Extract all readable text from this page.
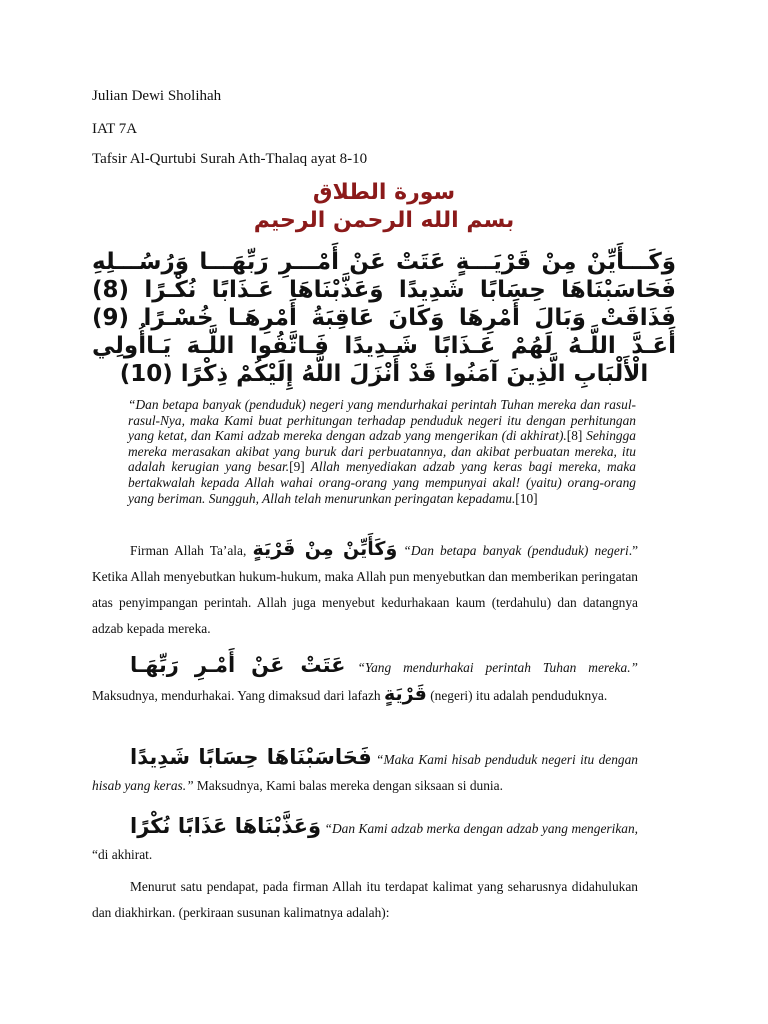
Julian Dewi Sholihah
IAT 7A
Tafsir Al-Qurtubi Surah Ath-Thalaq ayat 8-10
سورة الطلاق
بسم الله الرحمن الرحيم
وَكَـــأَيِّنْ مِنْ قَرْيَـــةٍ عَتَتْ عَنْ أَمْـــرِ رَبِّهَـــا وَرُسُـــلِهِ
فَحَاسَبْنَاهَا حِسَابًا شَدِيدًا وَعَذَّبْنَاهَا عَـذَابًا نُكْـرًا (8)
فَذَاقَتْ وَبَالَ أَمْرِهَا وَكَانَ عَاقِبَةُ أَمْرِهَـا خُسْـرًا (9)
أَعَـدَّ اللَّـهُ لَهُمْ عَـذَابًا شَـدِيدًا فَـاتَّقُوا اللَّـهَ يَـاأُولِي
الْأَلْبَابِ الَّذِينَ آمَنُوا قَدْ أَنْزَلَ اللَّهُ إِلَيْكُمْ ذِكْرًا (10)
“Dan betapa banyak (penduduk) negeri yang mendurhakai perintah Tuhan mereka dan rasul-rasul-Nya, maka Kami buat perhitungan terhadap penduduk negeri itu dengan perhitungan yang ketat, dan Kami adzab mereka dengan adzab yang mengerikan (di akhirat).[8] Sehingga mereka merasakan akibat yang buruk dari perbuatannya, dan akibat perbuatan mereka, itu adalah kerugian yang besar.[9] Allah menyediakan adzab yang keras bagi mereka, maka bertakwalah kepada Allah wahai orang-orang yang mempunyai akal! (yaitu) orang-orang yang beriman. Sungguh, Allah telah menurunkan peringatan kepadamu.[10]
Firman Allah Ta’ala, وَكَأَيِّنْ مِنْ قَرْيَةٍ “Dan betapa banyak (penduduk) negeri.” Ketika Allah menyebutkan hukum-hukum, maka Allah pun menyebutkan dan memberikan peringatan atas penyimpangan perintah. Allah juga menyebut kedurhakaan kaum (terdahulu) dan datangnya adzab kepada mereka.
عَتَتْ عَنْ أَمْـرِ رَبِّهَـا “Yang mendurhakai perintah Tuhan mereka.” Maksudnya, mendurhakai. Yang dimaksud dari lafazh قَرْيَةٍ (negeri) itu adalah penduduknya.
فَحَاسَبْنَاهَا حِسَابًا شَدِيدًا “Maka Kami hisab penduduk negeri itu dengan hisab yang keras.” Maksudnya, Kami balas mereka dengan siksaan si dunia.
وَعَذَّبْنَاهَا عَذَابًا نُكْرًا “Dan Kami adzab merka dengan adzab yang mengerikan, “di akhirat.
Menurut satu pendapat, pada firman Allah itu terdapat kalimat yang seharusnya didahulukan dan diakhirkan. (perkiraan susunan kalimatnya adalah):
